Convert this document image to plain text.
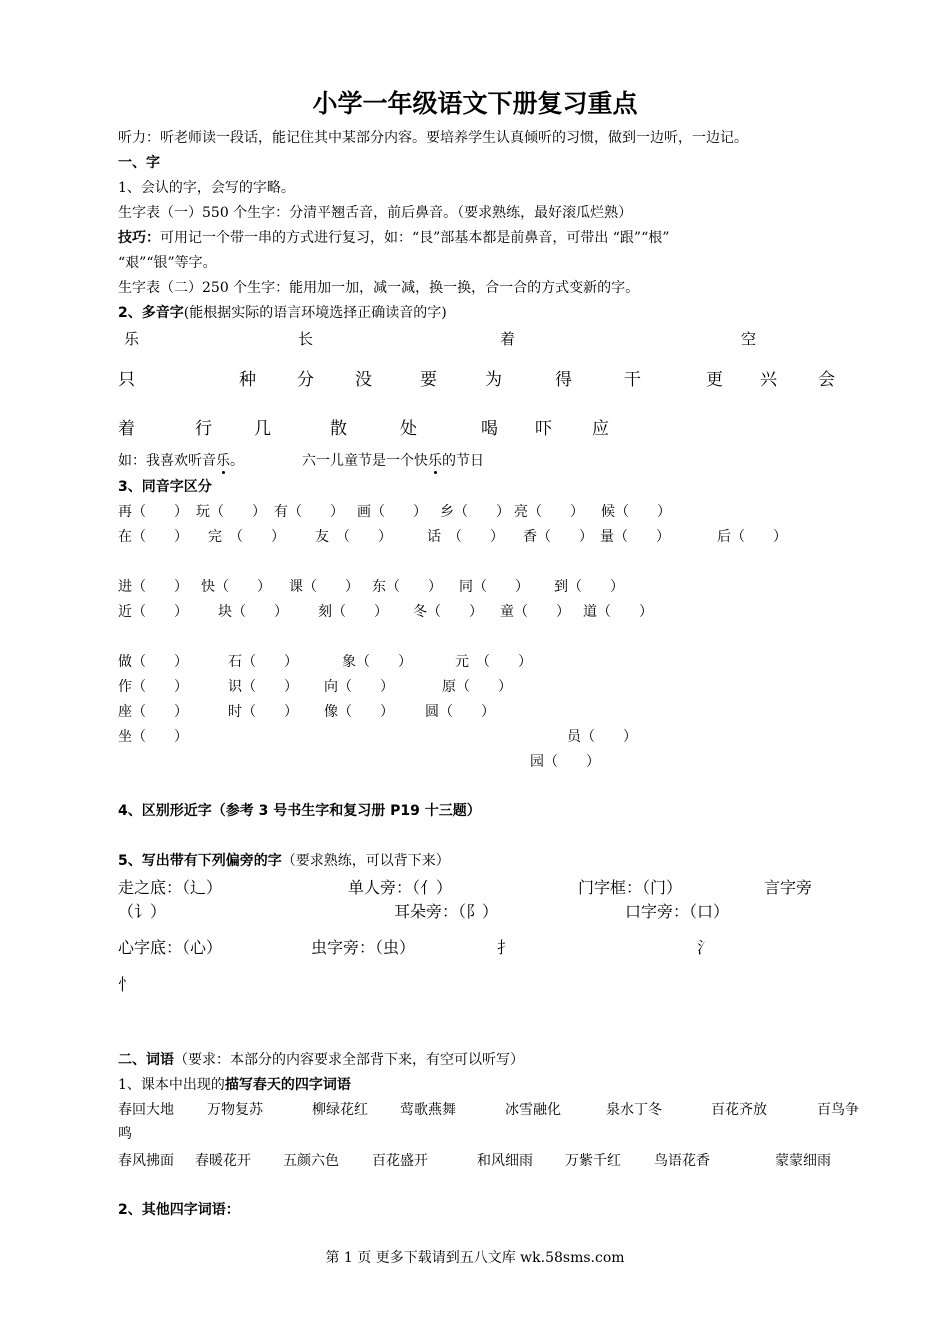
小学一年级语文下册复习重点
听力：听老师读一段话，能记住其中某部分内容。要培养学生认真倾听的习惯，做到一边听，一边记。
一、字
1、会认的字，会写的字略。
生字表（一）550 个生字：分清平翘舌音，前后鼻音。（要求熟练，最好滚瓜烂熟）
技巧：可用记一个带一串的方式进行复习，如：“艮”部基本都是前鼻音，可带出 “跟”“根”
“艰”“银”等字。
生字表（二）250 个生字：能用加一加，减一减，换一换，合一合的方式变新的字。
2、多音字(能根据实际的语言环境选择正确读音的字)
乐	长	着	空
只	种 分 没	要	为	得	干	更 兴 会
着	行 几	散	处	喝 吓 应
如：我喜欢听音乐。	六一儿童节是一个快乐的节日
3、同音字区分
再（　　） 玩（　　） 有（　　） 画（　　） 乡（　　） 亮（　　） 候（　　）
在（　　） 完　（　　） 友　（　　）	话　（　　） 香（　　） 量（　　）	后（　　）
进（　　） 快（　　） 课（　　） 东（　　） 同（　　） 到（　　）
近（　　） 块（　　） 刻（　　） 冬（　　） 童（　　） 道（　　）
做（　　）	石（　　）	象（　　）	元　（　　）
作（　　）	识（　　） 向（　　）	原（　　）
座（　　）	时（　　） 像（　　） 圆（　　）
坐（　　）	员（　　）
园（　　）
4、区别形近字（参考 3 号书生字和复习册 P19 十三题）
5、写出带有下列偏旁的字（要求熟练，可以背下来）
走之底：（辶）	单人旁：（亻）	门字框：（门）	言字旁
（讠）	耳朵旁：（阝）	口字旁：（口）
心字底：（心）	虫字旁：（虫）	扌	氵
忄
二、词语（要求：本部分的内容要求全部背下来，有空可以听写）
1、课本中出现的描写春天的四字词语
春回大地 万物复苏	柳绿花红 莺歌燕舞	冰雪融化	泉水丁冬	百花齐放	百鸟争
鸣
春风拂面 春暖花开 五颜六色 百花盛开	和风细雨 万紫千红 鸟语花香	蒙蒙细雨
2、其他四字词语：
第 1 页 更多下载请到五八文库 wk.58sms.com
